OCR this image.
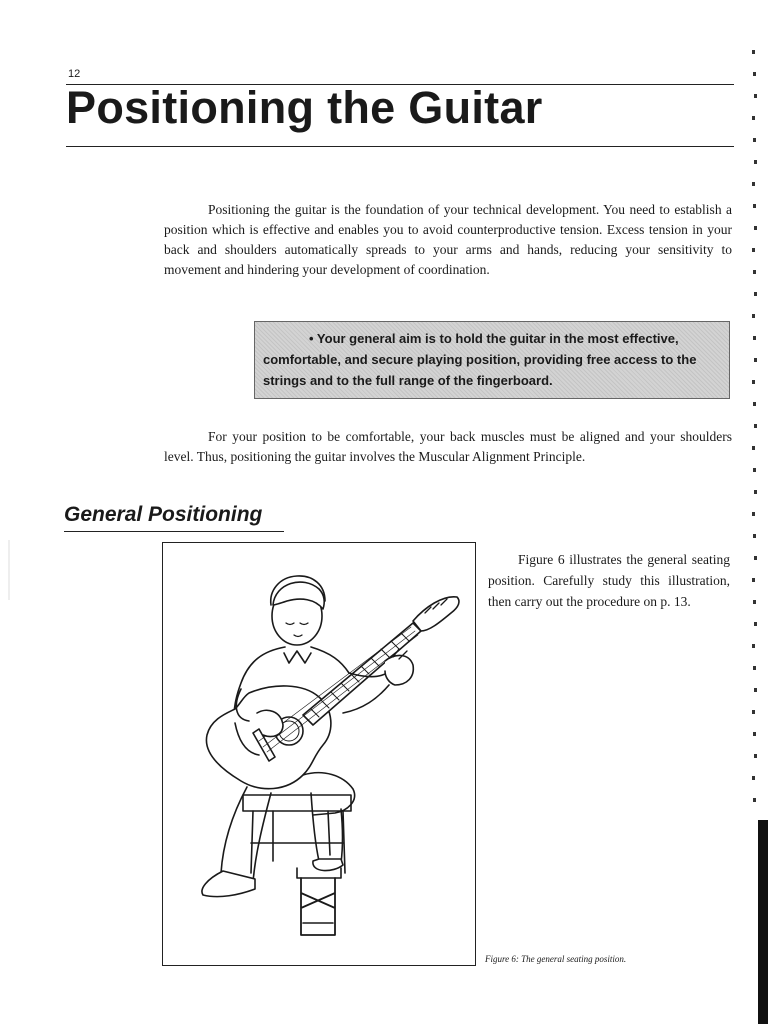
12
Positioning the Guitar

Positioning the guitar is the foundation of your technical development. You need to establish a position which is effective and enables you to avoid counterproductive tension. Excess tension in your back and shoulders automatically spreads to your arms and hands, reducing your sensitivity to movement and hindering your development of coordination.

• Your general aim is to hold the guitar in the most effective, comfortable, and secure playing position, providing free access to the strings and to the full range of the fingerboard.

For your position to be comfortable, your back muscles must be aligned and your shoulders level. Thus, positioning the guitar involves the Muscular Alignment Principle.

General Positioning

Figure 6 illustrates the general seating position. Carefully study this illustration, then carry out the procedure on p. 13.

Figure 6: The general seating position.
